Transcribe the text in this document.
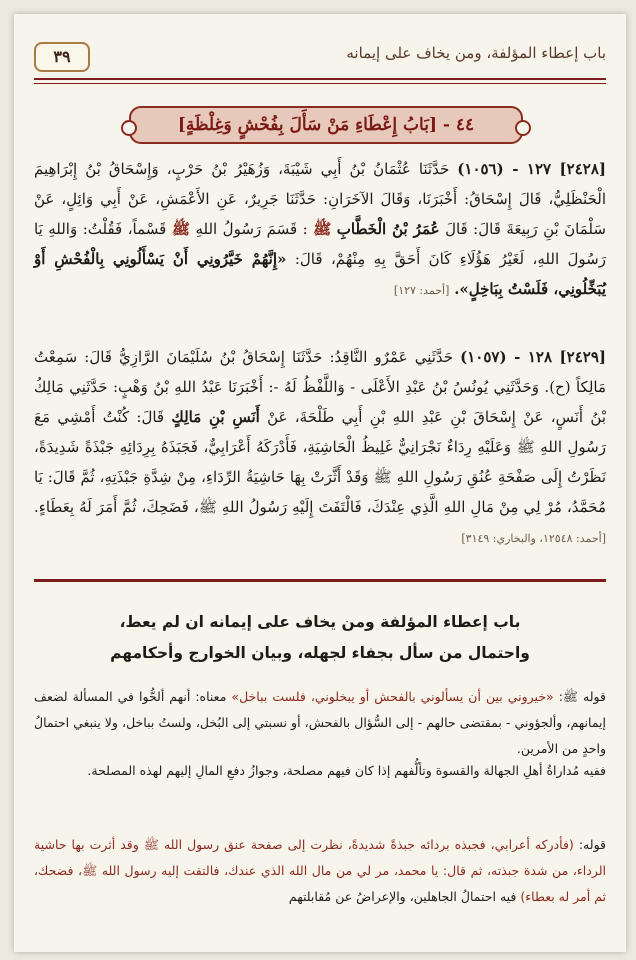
باب إعطاء المؤلفة، ومن يخاف على إيمانه
٣٩
٤٤ - [بَابُ إِعْطَاءِ مَنْ سَأَلَ بِفُحْشٍ وَغِلْظَةٍ]
[٢٤٢٨] ١٢٧ - (١٠٥٦) حَدَّثَنَا عُثْمَانُ بْنُ أَبِي شَيْبَةَ، وَزُهَيْرُ بْنُ حَرْبٍ، وَإِسْحَاقُ بْنُ إِبْرَاهِيمَ الْحَنْظَلِيُّ، قَالَ إِسْحَاقُ: أَخْبَرَنَا، وَقَالَ الآخَرَانِ: حَدَّثَنَا جَرِيرٌ، عَنِ الأَعْمَشِ، عَنْ أَبِي وَائِلٍ، عَنْ سَلْمَانَ بْنِ رَبِيعَةَ قَالَ: قَالَ عُمَرُ بْنُ الْخَطَّابِ ﷺ : قَسَمَ رَسُولُ اللهِ ﷺ قَسْماً، فَقُلْتُ: وَاللهِ يَا رَسُولَ اللهِ، لَغَيْرُ هَؤُلَاءِ كَانَ أَحَقَّ بِهِ مِنْهُمْ، قَالَ: «إِنَّهُمْ خَيَّرُونِي أَنْ يَسْأَلُونِي بِالْفُحْشِ أَوْ يُبَخِّلُونِي، فَلَسْتُ بِبَاخِلٍ». [أحمد: ١٢٧]
[٢٤٢٩] ١٢٨ - (١٠٥٧) حَدَّثَنِي عَمْرٌو النَّاقِدُ: حَدَّثَنَا إِسْحَاقُ بْنُ سُلَيْمَانَ الرَّازِيُّ قَالَ: سَمِعْتُ مَالِكاً (ح). وَحَدَّثَنِي يُونُسُ بْنُ عَبْدِ الأَعْلَى - وَاللَّفْظُ لَهُ -: أَخْبَرَنَا عَبْدُ اللهِ بْنُ وَهْبٍ: حَدَّثَنِي مَالِكُ بْنُ أَنَسٍ، عَنْ إِسْحَاقَ بْنِ عَبْدِ اللهِ بْنِ أَبِي طَلْحَةَ، عَنْ أَنَسِ بْنِ مَالِكٍ قَالَ: كُنْتُ أَمْشِي مَعَ رَسُولِ اللهِ ﷺ وَعَلَيْهِ رِدَاءٌ نَجْرَانِيٌّ غَلِيظُ الْحَاشِيَةِ، فَأَدْرَكَهُ أَعْرَابِيٌّ، فَجَبَذَهُ بِرِدَائِهِ جَبْذَةً شَدِيدَةً، نَظَرْتُ إِلَى صَفْحَةِ عُنُقِ رَسُولِ اللهِ ﷺ وَقَدْ أَثَّرَتْ بِهَا حَاشِيَةُ الرِّدَاءِ، مِنْ شِدَّةِ جَبْذَتِهِ، ثُمَّ قَالَ: يَا مُحَمَّدُ، مُرْ لِي مِنْ مَالِ اللهِ الَّذِي عِنْدَكَ، فَالْتَفَتَ إِلَيْهِ رَسُولُ اللهِ ﷺ، فَضَحِكَ، ثُمَّ أَمَرَ لَهُ بِعَطَاءٍ. [أحمد: ١٢٥٤٨، والبخاري: ٣١٤٩]
باب إعطاء المؤلفة ومن يخاف على إيمانه ان لم يعط،
واحتمال من سأل بجفاء لجهله، وبيان الخوارج وأحكامهم
قوله ﷺ: «خيروني بين أن يسألوني بالفحش أو يبخلوني، فلست بباخل» معناه: أنهم ألحُّوا في المسألة لضعف إيمانهم، وألجؤوني - بمقتضى حالهم - إلى السُّؤال بالفحش، أو نسبتي إلى البُخل، ولستُ بباخل، ولا ينبغي احتمالُ واحدٍ من الأمرين.
ففيه مُداراةُ أهلِ الجهالة والقسوة وتألُّفهم إذا كان فيهم مصلحة، وجوازُ دفعِ المالِ إليهم لهذه المصلحة.
قوله: (فأدركه أعرابي، فجبذه بردائه جبذةً شديدةً، نظرت إلى صفحة عنق رسول الله ﷺ وقد أثرت بها حاشية الرداء، من شدة جبذته، ثم قال: يا محمد، مر لي من مال الله الذي عندك، فالتفت إليه رسول الله ﷺ، فضحك، ثم أمر له بعطاء) فيه احتمالُ الجاهلين، والإعراضُ عن مُقابلتهم
